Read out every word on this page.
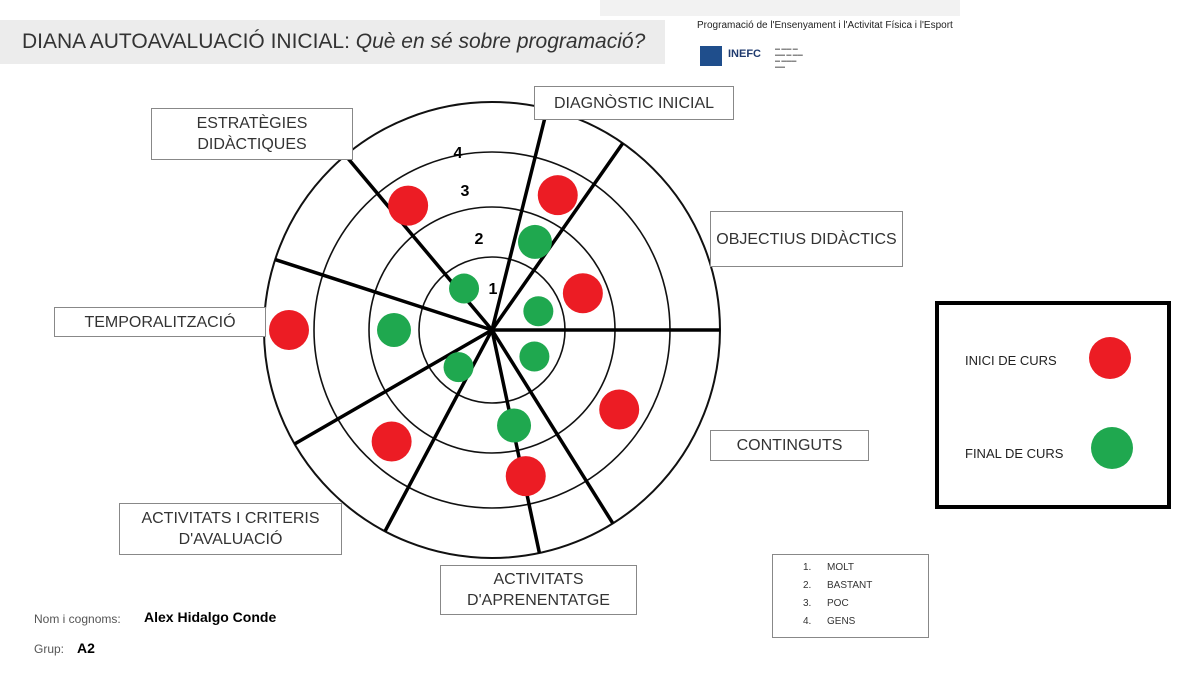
DIANA AUTOAVALUACIÓ INICIAL: Què en sé sobre programació?
Programació de l'Ensenyament i l'Activitat Física i l'Esport
INEFC	▬ ▬▬ ▬
▬▬ ▬ ▬▬
▬ ▬▬▬
▬▬
1
2
3
4
ESTRATÈGIES DIDÀCTIQUES
DIAGNÒSTIC INICIAL
OBJECTIUS DIDÀCTICS
TEMPORALITZACIÓ
CONTINGUTS
ACTIVITATS I CRITERIS D'AVALUACIÓ
ACTIVITATS D'APRENENTATGE
INICI DE CURS
FINAL DE CURS
1. MOLT
2. BASTANT
3. POC
4. GENS
Nom i cognoms: Alex Hidalgo Conde
Grup: A2
